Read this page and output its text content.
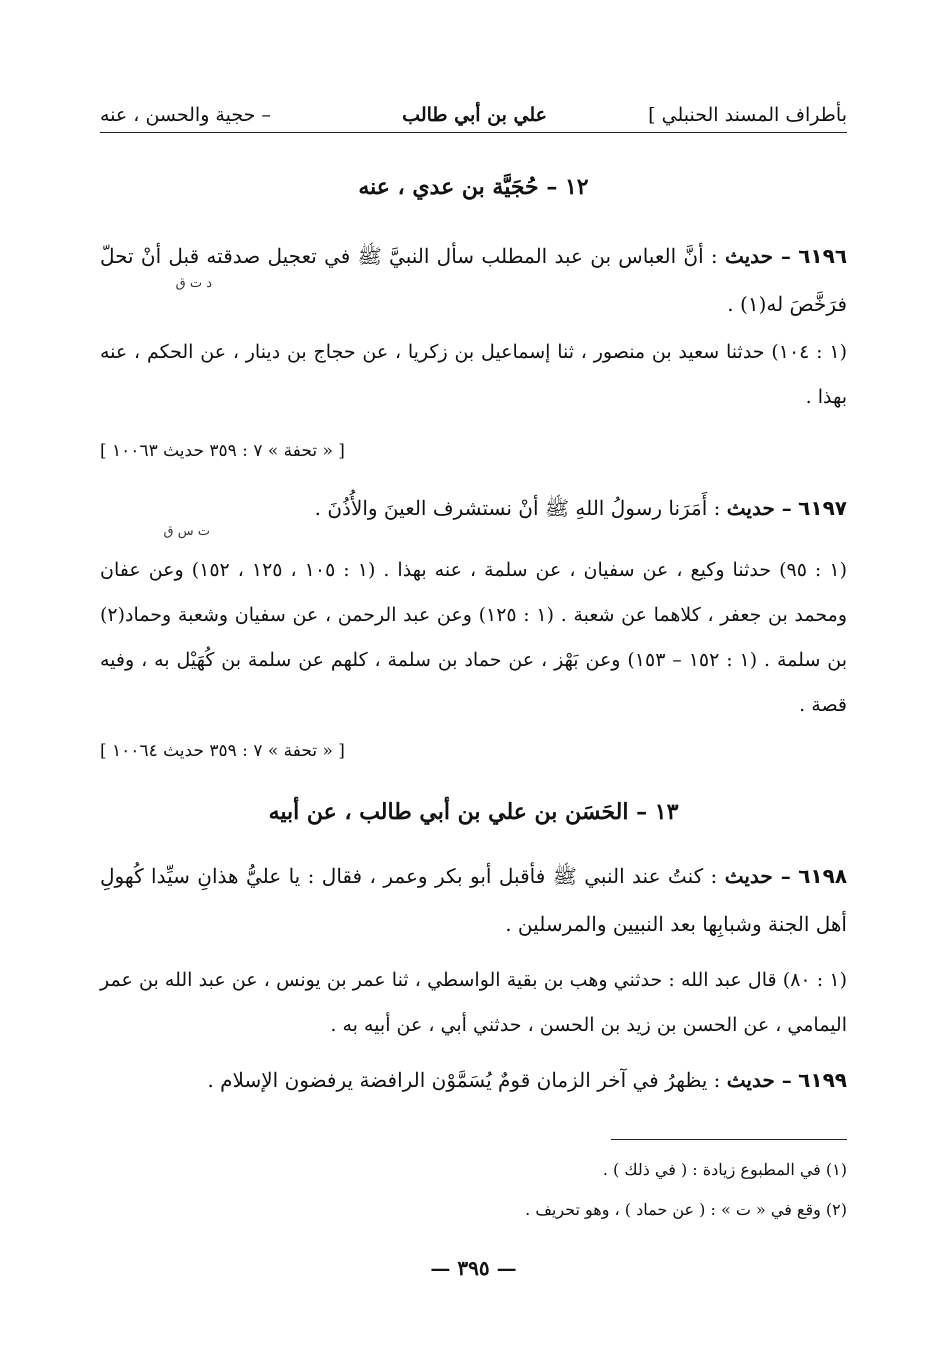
بأطراف المسند الحنبلي ]
علي بن أبي طالب
– حجية والحسن ، عنه
١٢ – حُجَيَّة بن عدي ، عنه
٦١٩٦ – حديث : أنَّ العباس بن عبد المطلب سأل النبيَّ ﷺ في تعجيل صدقته قبل أنْ تحلّ فرَخَّصَ له(١) .
د ت ق
(١ : ١٠٤) حدثنا سعيد بن منصور ، ثنا إسماعيل بن زكريا ، عن حجاج بن دينار ، عن الحكم ، عنه بهذا .
[ « تحفة » ٧ : ٣٥٩ حديث ١٠٠٦٣ ]
٦١٩٧ – حديث : أَمَرَنا رسولُ اللهِ ﷺ أنْ نستشرف العينَ والأُذُنَ .
ت س ق
(١ : ٩٥) حدثنا وكيع ، عن سفيان ، عن سلمة ، عنه بهذا . (١ : ١٠٥ ، ١٢٥ ، ١٥٢) وعن عفان ومحمد بن جعفر ، كلاهما عن شعبة . (١ : ١٢٥) وعن عبد الرحمن ، عن سفيان وشعبة وحماد(٢) بن سلمة . (١ : ١٥٢ – ١٥٣) وعن بَهْز ، عن حماد بن سلمة ، كلهم عن سلمة بن كُهَيْل به ، وفيه قصة .
[ « تحفة » ٧ : ٣٥٩ حديث ١٠٠٦٤ ]
١٣ – الحَسَن بن علي بن أبي طالب ، عن أبيه
٦١٩٨ – حديث : كنتُ عند النبي ﷺ فأقبل أبو بكر وعمر ، فقال : يا عليُّ هذانِ سيِّدا كُهولِ أهل الجنة وشبابِها بعد النبيين والمرسلين .
(١ : ٨٠) قال عبد الله : حدثني وهب بن بقية الواسطي ، ثنا عمر بن يونس ، عن عبد الله بن عمر اليمامي ، عن الحسن بن زيد بن الحسن ، حدثني أبي ، عن أبيه به .
٦١٩٩ – حديث : يظهرُ في آخر الزمان قومٌ يُسَمَّوْن الرافضة يرفضون الإسلام .
(١) في المطبوع زيادة : ( في ذلك ) .
(٢) وقع في « ت » : ( عن حماد ) ، وهو تحريف .
— ٣٩٥ —
